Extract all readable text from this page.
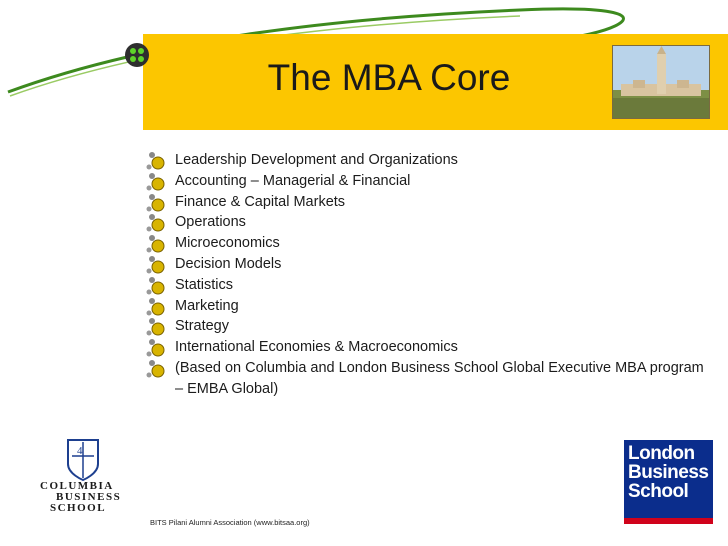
The MBA Core
Leadership Development and Organizations
Accounting – Managerial & Financial
Finance & Capital Markets
Operations
Microeconomics
Decision Models
Statistics
Marketing
Strategy
International Economies & Macroeconomics
(Based on Columbia and London Business School Global Executive MBA program – EMBA Global)
4
COLUMBIA
BUSINESS
SCHOOL
London
Business
School
BITS Pilani Alumni Association (www.bitsaa.org)
